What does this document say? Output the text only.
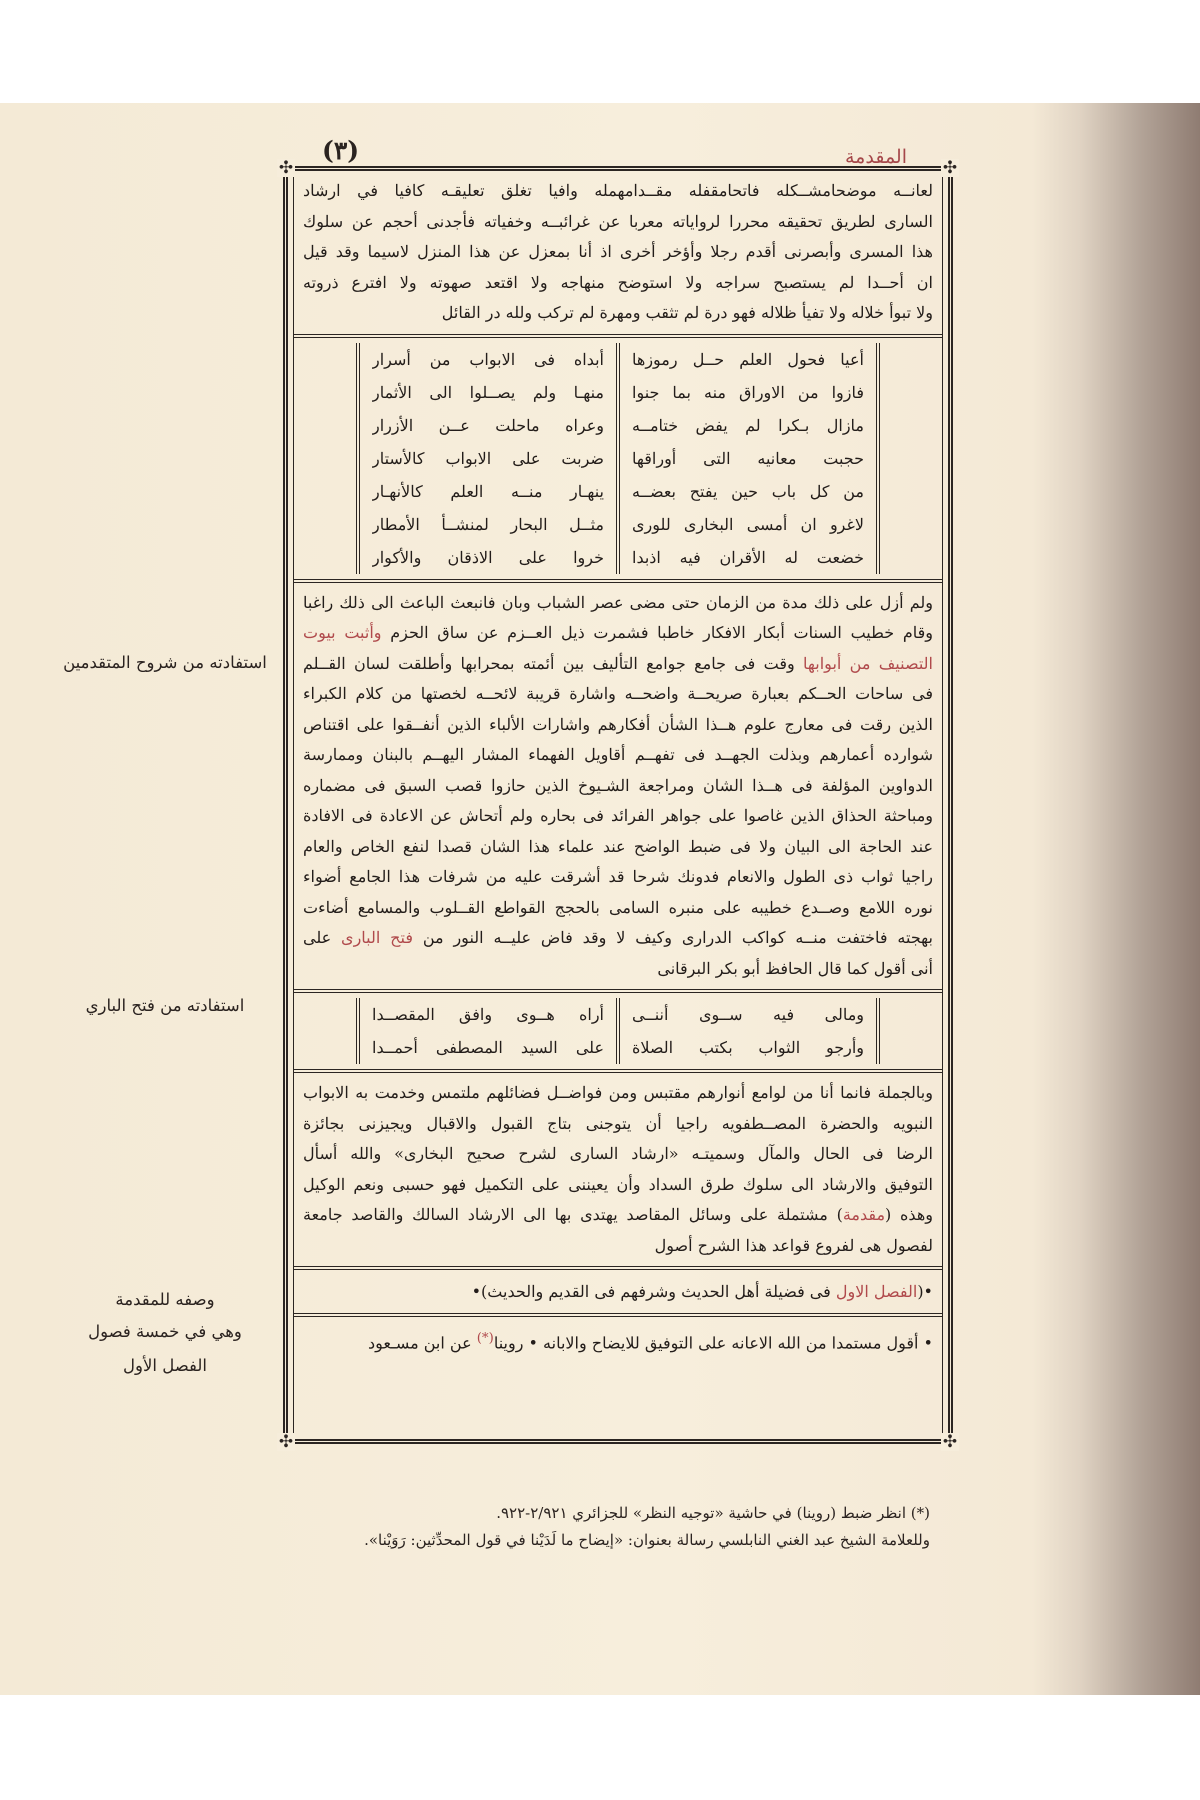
المقدمة
(٣)
✣	✣
✣	✣
لعانــه موضحامشــكله فاتحامقفله مقــدامهمله وافيا تغلق تعليقـه كافيا في ارشاد
السارى لطريق تحقيقه محررا لرواياته معربا عن غرائبــه وخفياته فأجدنى أحجم عن سلوك
هذا المسرى وأبصرنى أقدم رجلا وأؤخر أخرى اذ أنا بمعزل عن هذا المنزل لاسيما وقد قيل
ان أحــدا لم يستصبح سراجه ولا استوضح منهاجه ولا اقتعد صهوته ولا افترع ذروته
ولا تبوأ خلاله ولا تفيأ ظلاله فهو درة لم تثقب ومهرة لم تركب ولله در القائل
أعيا فحول العلم حــل رموزها
فازوا من الاوراق منه بما جنوا
مازال بـكرا لم يفض ختامــه
حجبت معانيه التى أوراقها
من كل باب حين يفتح بعضــه
لاغرو ان أمسى البخارى للورى
خضعت له الأقران فيه اذبدا
أبداه فى الابواب من أسرار
منهـا ولم يصــلوا الى الأثمار
وعراه ماحلت عــن الأزرار
ضربت على الابواب كالأستار
ينهـار منــه العلم كالأنهـار
مثــل البحار لمنشــأ الأمطار
خروا على الاذقان والأكوار
ولم أزل على ذلك مدة من الزمان حتى مضى عصر الشباب وبان فانبعث الباعث الى ذلك راغبا
وقام خطيب السنات أبكار الافكار خاطبا فشمرت ذيل العــزم عن ساق الحزم وأثبت بيوت
التصنيف من أبوابها وقت فى جامع جوامع التأليف بين أئمته بمحرابها وأطلقت لسان القــلم
فى ساحات الحــكم بعبارة صريحــة واضحــه واشارة قريبة لائحــه لخصتها من كلام الكبراء
الذين رقت فى معارج علوم هــذا الشأن أفكارهم واشارات الألباء الذين أنفــقوا على اقتناص
شوارده أعمارهم وبذلت الجهــد فى تفهــم أقاويل الفهماء المشار اليهــم بالبنان وممارسة
الدواوين المؤلفة فى هــذا الشان ومراجعة الشـيوخ الذين حازوا قصب السبق فى مضماره
ومباحثة الحذاق الذين غاصوا على جواهر الفرائد فى بحاره ولم أتحاش عن الاعادة فى الافادة
عند الحاجة الى البيان ولا فى ضبط الواضح عند علماء هذا الشان قصدا لنفع الخاص والعام
راجيا ثواب ذى الطول والانعام فدونك شرحا قد أشرقت عليه من شرفات هذا الجامع أضواء
نوره اللامع وصــدع خطيبه على منبره السامى بالحجج القواطع القــلوب والمسامع أضاءت
بهجته فاختفت منــه كواكب الدرارى وكيف لا وقد فاض عليــه النور من فتح البارى على
أنى أقول كما قال الحافظ أبو بكر البرقانى
ومالى فيه ســوى أننــى
وأرجو الثواب بكتب الصلاة
أراه هــوى وافق المقصــدا
على السيد المصطفى أحمــدا
وبالجملة فانما أنا من لوامع أنوارهم مقتبس ومن فواضــل فضائلهم ملتمس وخدمت به الابواب
النبويه والحضرة المصــطفويه راجيا أن يتوجنى بتاج القبول والاقبال ويجيزنى بجائزة
الرضا فى الحال والمآل وسميتـه «ارشاد السارى لشرح صحيح البخارى» والله أسأل
التوفيق والارشاد الى سلوك طرق السداد وأن يعيننى على التكميل فهو حسبى ونعم الوكيل
وهذه (مقدمة) مشتملة على وسائل المقاصد يهتدى بها الى الارشاد السالك والقاصد جامعة
لفصول هى لفروع قواعد هذا الشرح أصول
•(الفصل الاول فى فضيلة أهل الحديث وشرفهم فى القديم والحديث)•
• أقول مستمدا من الله الاعانه على التوفيق للايضاح والابانه • روينا(*) عن ابن مسـعود
استفادته من شروح المتقدمين
استفادته من فتح الباري
وصفه للمقدمة
وهي في خمسة فصول
الفصل الأول
(*) انظر ضبط (روينا) في حاشية «توجيه النظر» للجزائري ٢/٩٢١-٩٢٢.
وللعلامة الشيخ عبد الغني النابلسي رسالة بعنوان: «إيضاح ما لَدَيْنا في قول المحدِّثين: رَوَيْنا».
